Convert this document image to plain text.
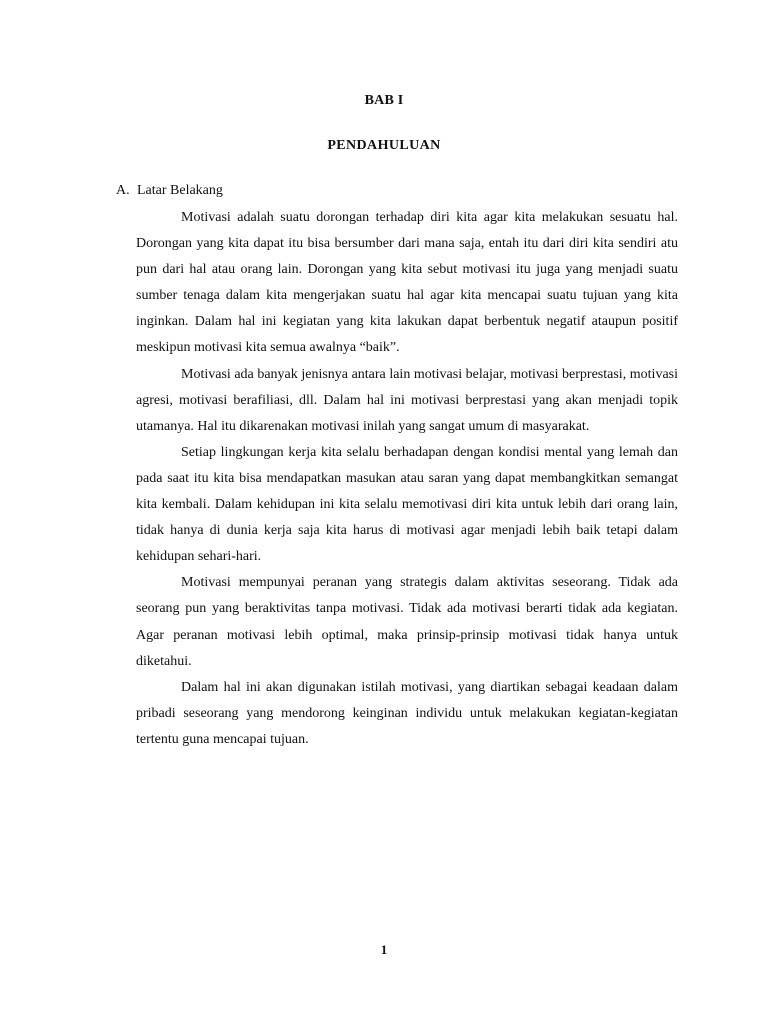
BAB I
PENDAHULUAN
A. Latar Belakang

Motivasi adalah suatu dorongan terhadap diri kita agar kita melakukan sesuatu hal. Dorongan yang kita dapat itu bisa bersumber dari mana saja, entah itu dari diri kita sendiri atu pun dari hal atau orang lain. Dorongan yang kita sebut motivasi itu juga yang menjadi suatu sumber tenaga dalam kita mengerjakan suatu hal agar kita mencapai suatu tujuan yang kita inginkan. Dalam hal ini kegiatan yang kita lakukan dapat berbentuk negatif ataupun positif meskipun motivasi kita semua awalnya “baik”.

Motivasi ada banyak jenisnya antara lain motivasi belajar, motivasi berprestasi, motivasi agresi, motivasi berafiliasi, dll. Dalam hal ini motivasi berprestasi yang akan menjadi topik utamanya. Hal itu dikarenakan motivasi inilah yang sangat umum di masyarakat.

Setiap lingkungan kerja kita selalu berhadapan dengan kondisi mental yang lemah dan pada saat itu kita bisa mendapatkan masukan atau saran yang dapat membangkitkan semangat kita kembali. Dalam kehidupan ini kita selalu memotivasi diri kita untuk lebih dari orang lain, tidak hanya di dunia kerja saja kita harus di motivasi agar menjadi lebih baik tetapi dalam kehidupan sehari-hari.

Motivasi mempunyai peranan yang strategis dalam aktivitas seseorang. Tidak ada seorang pun yang beraktivitas tanpa motivasi. Tidak ada motivasi berarti tidak ada kegiatan. Agar peranan motivasi lebih optimal, maka prinsip-prinsip motivasi tidak hanya untuk diketahui.

Dalam hal ini akan digunakan istilah motivasi, yang diartikan sebagai keadaan dalam pribadi seseorang yang mendorong keinginan individu untuk melakukan kegiatan-kegiatan tertentu guna mencapai tujuan.

1
